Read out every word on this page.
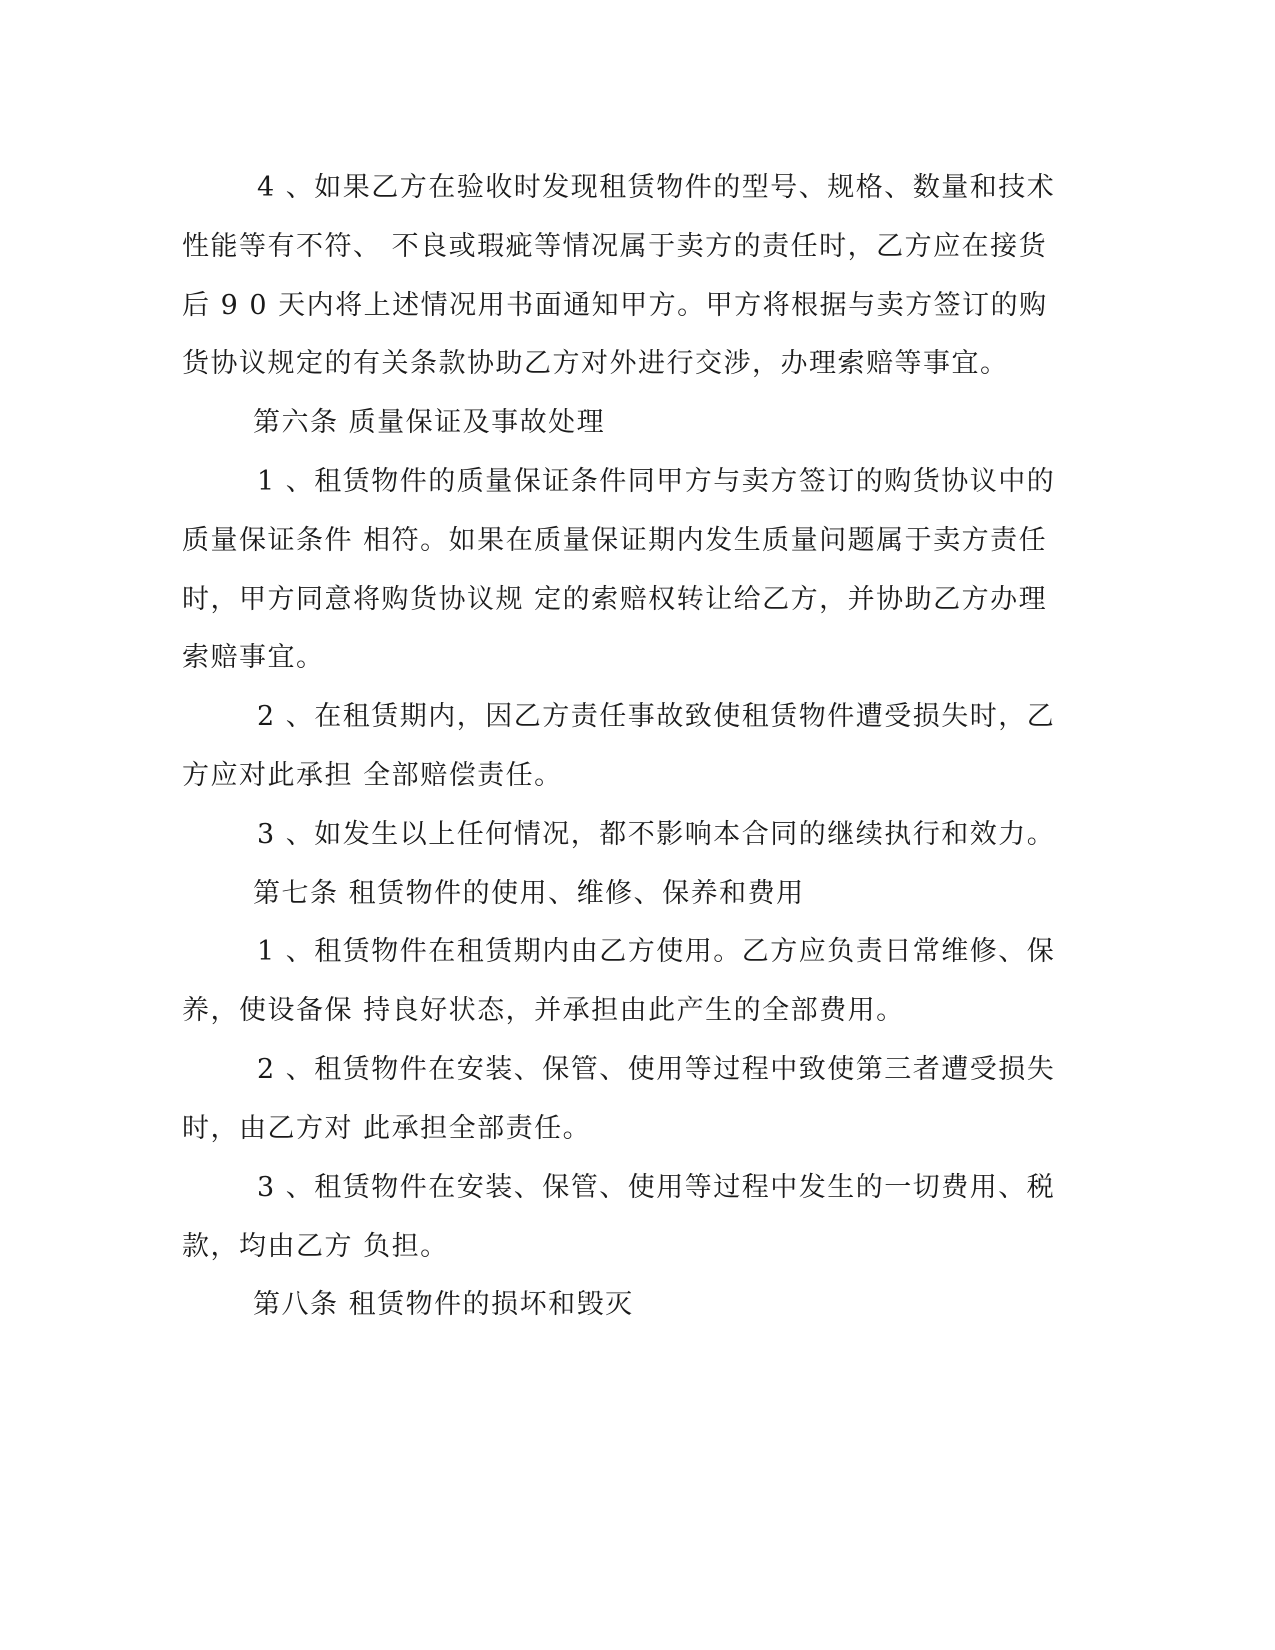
4 、如果乙方在验收时发现租赁物件的型号、规格、数量和技术
性能等有不符、 不良或瑕疵等情况属于卖方的责任时，乙方应在接货
后 9 0 天内将上述情况用书面通知甲方。甲方将根据与卖方签订的购
货协议规定的有关条款协助乙方对外进行交涉，办理索赔等事宜。
第六条 质量保证及事故处理
1 、租赁物件的质量保证条件同甲方与卖方签订的购货协议中的
质量保证条件 相符。如果在质量保证期内发生质量问题属于卖方责任
时，甲方同意将购货协议规 定的索赔权转让给乙方，并协助乙方办理
索赔事宜。
2 、在租赁期内，因乙方责任事故致使租赁物件遭受损失时，乙
方应对此承担 全部赔偿责任。
3 、如发生以上任何情况，都不影响本合同的继续执行和效力。
第七条 租赁物件的使用、维修、保养和费用
1 、租赁物件在租赁期内由乙方使用。乙方应负责日常维修、保
养，使设备保 持良好状态，并承担由此产生的全部费用。
2 、租赁物件在安装、保管、使用等过程中致使第三者遭受损失
时，由乙方对 此承担全部责任。
3 、租赁物件在安装、保管、使用等过程中发生的一切费用、税
款，均由乙方 负担。
第八条 租赁物件的损坏和毁灭
